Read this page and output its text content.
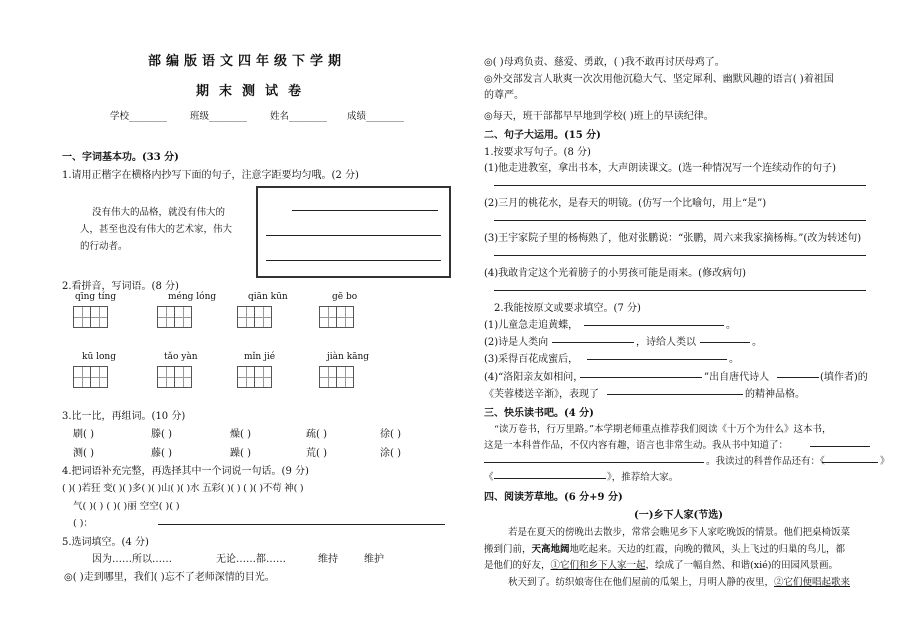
部编版语文四年级下学期
期末测试卷
学校________ 班级________ 姓名________ 成绩________
一、字词基本功。(33 分)
1.请用正楷字在横格内抄写下面的句子，注意字距要均匀哦。(2 分)
没有伟大的品格，就没有伟大的
人，甚至也没有伟大的艺术家，伟大
的行动者。
2.看拼音，写词语。(8 分)
qīng tíng	méng lóng	qiān kūn	gē bo
kū long	tǎo yàn	mǐn jié	jiàn kāng
3.比一比，再组词。(10 分)
刷( )	滕( )	燥( )	疏( )	徐( )
测( )	藤( )	躁( )	荒( )	涂( )
4.把词语补充完整，再选择其中一个词说一句话。(9 分)
( )( )若狂 变( )( )多( )( )山( )( )水 五彩( )( ) ( )( )不苟 神( )
气( )( ) ( )( )丽 空空( )( )
( )：
5.选词填空。(4 分)
因为……所以……	无论……都……	维持	维护
◎( )走到哪里，我们( )忘不了老师深情的目光。
◎( )母鸡负责、慈爱、勇敢，( )我不敢再讨厌母鸡了。
◎外交部发言人耿爽一次次用他沉稳大气、坚定犀利、幽默风趣的语言( )着祖国
的尊严。
◎每天，班干部都早早地到学校( )班上的早读纪律。
二、句子大运用。(15 分)
1.按要求写句子。(8 分)
(1)他走进教室，拿出书本，大声朗读课文。(选一种情况写一个连续动作的句子)
(2)三月的桃花水，是春天的明镜。(仿写一个比喻句，用上“是”)
(3)王宇家院子里的杨梅熟了，他对张鹏说：“张鹏，周六来我家摘杨梅。”(改为转述句)
(4)我敢肯定这个光着膀子的小男孩可能是雨来。(修改病句)
2.我能按原文或要求填空。(7 分)
(1)儿童急走追黄蝶，	。
(2)诗是人类向	，诗给人类以	。
(3)采得百花成蜜后，	。
(4)“洛阳亲友如相问，	”出自唐代诗人	(填作者)的
《芙蓉楼送辛渐》，表现了	的精神品格。
三、快乐读书吧。(4 分)
“读万卷书，行万里路。”本学期老师重点推荐我们阅读《十万个为什么》这本书，
这是一本科普作品，不仅内容有趣，语言也非常生动。我从书中知道了：
。我读过的科普作品还有：《	》
《	》，推荐给大家。
四、阅读芳草地。(6 分+9 分)
(一)乡下人家(节选)
若是在夏天的傍晚出去散步，常常会瞧见乡下人家吃晚饭的情景。他们把桌椅饭菜
搬到门前，天高地阔地吃起来。天边的红霞，向晚的微风，头上飞过的归巢的鸟儿，都
是他们的好友，①它们和乡下人家一起，绘成了一幅自然、和谐(xié)的田园风景画。
秋天到了。纺织娘寄住在他们屋前的瓜架上，月明人静的夜里，②它们便唱起歌来
